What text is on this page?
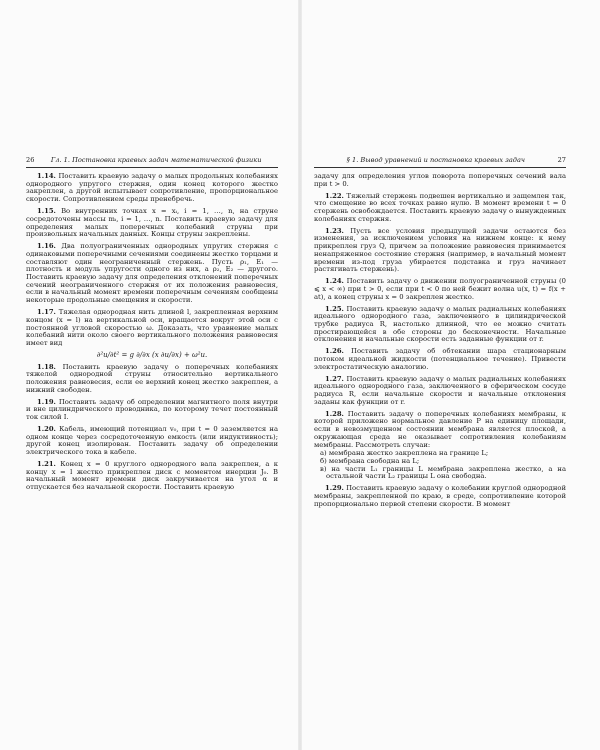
26	Гл. 1. Постановка краевых задач математической физики

1.14. Поставить краевую задачу о малых продольных колебаниях однородного упругого стержня, один конец которого жестко закреплен, а другой испытывает сопротивление, пропорциональное скорости. Сопротивлением среды пренебречь.

1.15. Во внутренних точках x = xᵢ, i = 1, …, n, на струне сосредоточены массы mᵢ, i = 1, …, n. Поставить краевую задачу для определения малых поперечных колебаний струны при произвольных начальных данных. Концы струны закреплены.

1.16. Два полуограниченных однородных упругих стержня с одинаковыми поперечными сечениями соединены жестко торцами и составляют один неограниченный стержень. Пусть ρ₁, E₁ — плотность и модуль упругости одного из них, а ρ₂, E₂ — другого. Поставить краевую задачу для определения отклонений поперечных сечений неограниченного стержня от их положения равновесия, если в начальный момент времени поперечным сечениям сообщены некоторые продольные смещения и скорости.

1.17. Тяжелая однородная нить длиной l, закрепленная верхним концом (x = l) на вертикальной оси, вращается вокруг этой оси с постоянной угловой скоростью ω. Доказать, что уравнение малых колебаний нити около своего вертикального положения равновесия имеет вид

∂²u/∂t² = g ∂/∂x (x ∂u/∂x) + ω²u.

1.18. Поставить краевую задачу о поперечных колебаниях тяжелой однородной струны относительно вертикального положения равновесия, если ее верхний конец жестко закреплен, а нижний свободен.

1.19. Поставить задачу об определении магнитного поля внутри и вне цилиндрического проводника, по которому течет постоянный ток силой I.

1.20. Кабель, имеющий потенциал v₀, при t = 0 заземляется на одном конце через сосредоточенную емкость (или индуктивность); другой конец изолирован. Поставить задачу об определении электрического тока в кабеле.

1.21. Конец x = 0 круглого однородного вала закреплен, а к концу x = l жестко прикреплен диск с моментом инерции J₀. В начальный момент времени диск закручивается на угол α и отпускается без начальной скорости. Поставить краевую

§ 1. Вывод уравнений и постановка краевых задач	27

задачу для определения углов поворота поперечных сечений вала при t > 0.

1.22. Тяжелый стержень подвешен вертикально и защемлен так, что смещение во всех точках равно нулю. В момент времени t = 0 стержень освобождается. Поставить краевую задачу о вынужденных колебаниях стержня.

1.23. Пусть все условия предыдущей задачи остаются без изменения, за исключением условия на нижнем конце: к нему прикреплен груз Q, причем за положение равновесия принимается ненапряженное состояние стержня (например, в начальный момент времени из-под груза убирается подставка и груз начинает растягивать стержень).

1.24. Поставить задачу о движении полуограниченной струны (0 ⩽ x < ∞) при t > 0, если при t < 0 по ней бежит волна u(x, t) = f(x + at), а конец струны x = 0 закреплен жестко.

1.25. Поставить краевую задачу о малых радиальных колебаниях идеального однородного газа, заключенного в цилиндрической трубке радиуса R, настолько длинной, что ее можно считать простирающейся в обе стороны до бесконечности. Начальные отклонения и начальные скорости есть заданные функции от r.

1.26. Поставить задачу об обтекании шара стационарным потоком идеальной жидкости (потенциальное течение). Привести электростатическую аналогию.

1.27. Поставить краевую задачу о малых радиальных колебаниях идеального однородного газа, заключенного в сферическом сосуде радиуса R, если начальные скорости и начальные отклонения заданы как функции от r.

1.28. Поставить задачу о поперечных колебаниях мембраны, к которой приложено нормальное давление P на единицу площади, если в невозмущенном состоянии мембрана является плоской, а окружающая среда не оказывает сопротивления колебаниям мембраны. Рассмотреть случаи:

а) мембрана жестко закреплена на границе L;
б) мембрана свободна на L;
в) на части L₁ границы L мембрана закреплена жестко, а на остальной части L₂ границы L она свободна.

1.29. Поставить краевую задачу о колебании круглой однородной мембраны, закрепленной по краю, в среде, сопротивление которой пропорционально первой степени скорости. В момент
